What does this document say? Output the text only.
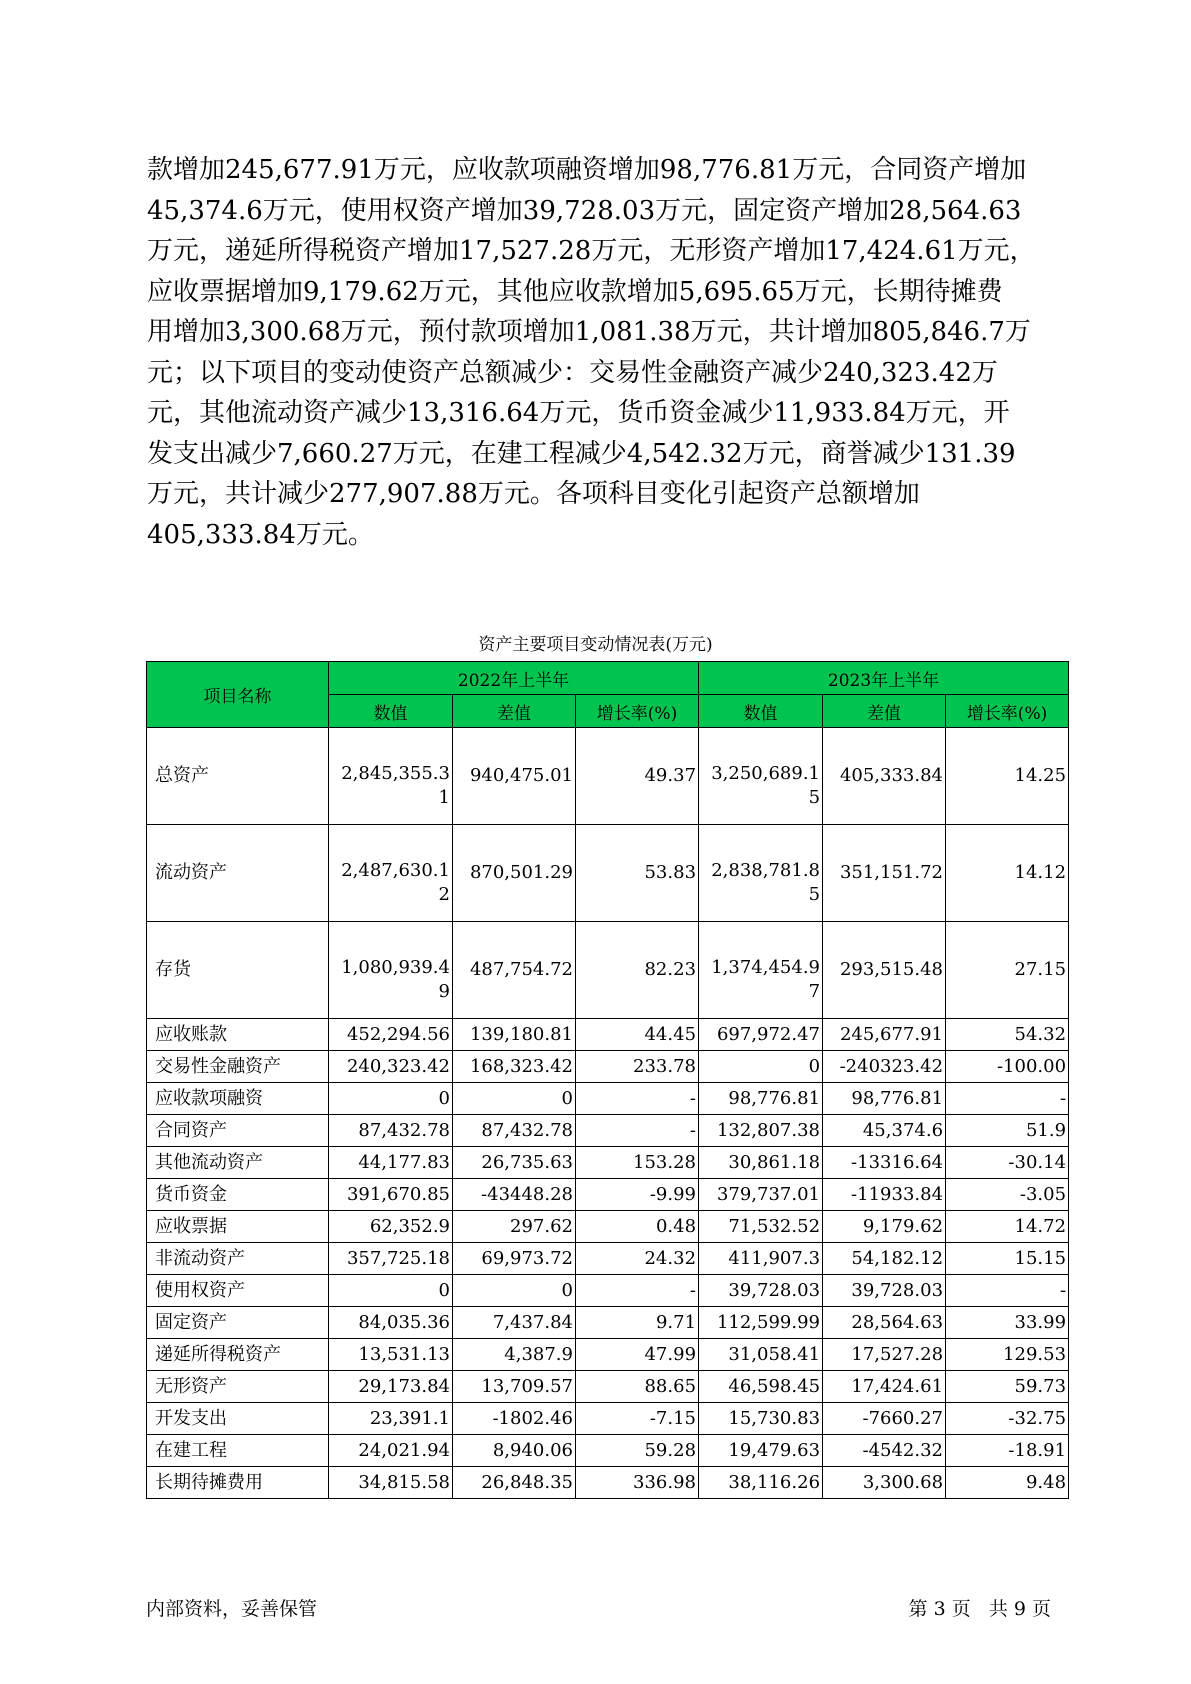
款增加245,677.91万元，应收款项融资增加98,776.81万元，合同资产增加
45,374.6万元，使用权资产增加39,728.03万元，固定资产增加28,564.63
万元，递延所得税资产增加17,527.28万元，无形资产增加17,424.61万元，
应收票据增加9,179.62万元，其他应收款增加5,695.65万元，长期待摊费
用增加3,300.68万元，预付款项增加1,081.38万元，共计增加805,846.7万
元；以下项目的变动使资产总额减少：交易性金融资产减少240,323.42万
元，其他流动资产减少13,316.64万元，货币资金减少11,933.84万元，开
发支出减少7,660.27万元，在建工程减少4,542.32万元，商誉减少131.39
万元，共计减少277,907.88万元。各项科目变化引起资产总额增加
405,333.84万元。
资产主要项目变动情况表(万元)
项目名称	2022年上半年			2023年上半年		
	数值	差值	增长率(%)	数值	差值	增长率(%)
总资产	2,845,355.31	940,475.01	49.37	3,250,689.15	405,333.84	14.25
流动资产	2,487,630.12	870,501.29	53.83	2,838,781.85	351,151.72	14.12
存货	1,080,939.49	487,754.72	82.23	1,374,454.97	293,515.48	27.15
应收账款	452,294.56	139,180.81	44.45	697,972.47	245,677.91	54.32
交易性金融资产	240,323.42	168,323.42	233.78	0	-240323.42	-100.00
应收款项融资	0	0	-	98,776.81	98,776.81	-
合同资产	87,432.78	87,432.78	-	132,807.38	45,374.6	51.9
其他流动资产	44,177.83	26,735.63	153.28	30,861.18	-13316.64	-30.14
货币资金	391,670.85	-43448.28	-9.99	379,737.01	-11933.84	-3.05
应收票据	62,352.9	297.62	0.48	71,532.52	9,179.62	14.72
非流动资产	357,725.18	69,973.72	24.32	411,907.3	54,182.12	15.15
使用权资产	0	0	-	39,728.03	39,728.03	-
固定资产	84,035.36	7,437.84	9.71	112,599.99	28,564.63	33.99
递延所得税资产	13,531.13	4,387.9	47.99	31,058.41	17,527.28	129.53
无形资产	29,173.84	13,709.57	88.65	46,598.45	17,424.61	59.73
开发支出	23,391.1	-1802.46	-7.15	15,730.83	-7660.27	-32.75
在建工程	24,021.94	8,940.06	59.28	19,479.63	-4542.32	-18.91
长期待摊费用	34,815.58	26,848.35	336.98	38,116.26	3,300.68	9.48
内部资料，妥善保管	第 3 页   共 9 页
